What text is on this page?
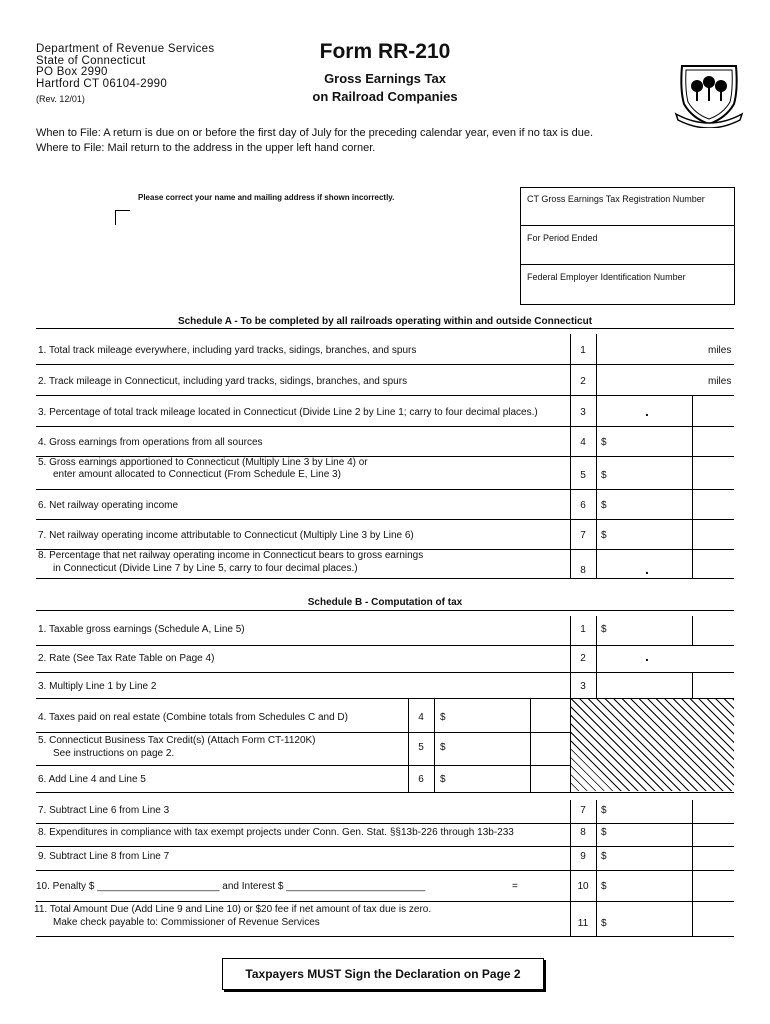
Department of Revenue Services
State of Connecticut
PO Box 2990
Hartford CT 06104-2990
(Rev. 12/01)
Form RR-210
Gross Earnings Tax
on Railroad Companies
When to File: A return is due on or before the first day of July for the preceding calendar year, even if no tax is due.
Where to File: Mail return to the address in the upper left hand corner.
Please correct your name and mailing address if shown incorrectly.	CT Gross Earnings Tax Registration Number
For Period Ended
Federal Employer Identification Number
Schedule A - To be completed by all railroads operating within and outside Connecticut
1. Total track mileage everywhere, including yard tracks, sidings, branches, and spurs	1	miles
2. Track mileage in Connecticut, including yard tracks, sidings, branches, and spurs	2	miles
3. Percentage of total track mileage located in Connecticut (Divide Line 2 by Line 1; carry to four decimal places.)	3	.
4. Gross earnings from operations from all sources	4	$
5. Gross earnings apportioned to Connecticut (Multiply Line 3 by Line 4) or
enter amount allocated to Connecticut (From Schedule E, Line 3)	5	$
6. Net railway operating income	6	$
7. Net railway operating income attributable to Connecticut (Multiply Line 3 by Line 6)	7	$
8. Percentage that net railway operating income in Connecticut bears to gross earnings
in Connecticut (Divide Line 7 by Line 5, carry to four decimal places.)	8	.
Schedule B - Computation of tax
1. Taxable gross earnings (Schedule A, Line 5)	1	$
2. Rate (See Tax Rate Table on Page 4)	2	.
3. Multiply Line 1 by Line 2	3
4. Taxes paid on real estate (Combine totals from Schedules C and D)	4	$
5. Connecticut Business Tax Credit(s) (Attach Form CT-1120K)
See instructions on page 2.
5	$
6. Add Line 4 and Line 5	6	$
7. Subtract Line 6 from Line 3	7	$
8. Expenditures in compliance with tax exempt projects under Conn. Gen. Stat. §§13b-226 through 13b-233	8	$
9. Subtract Line 8 from Line 7	9	$
10. Penalty $ ______________________ and Interest $ _________________________	=	10	$
11. Total Amount Due (Add Line 9 and Line 10) or $20 fee if net amount of tax due is zero.
Make check payable to: Commissioner of Revenue Services	11	$
Taxpayers MUST Sign the Declaration on Page 2
